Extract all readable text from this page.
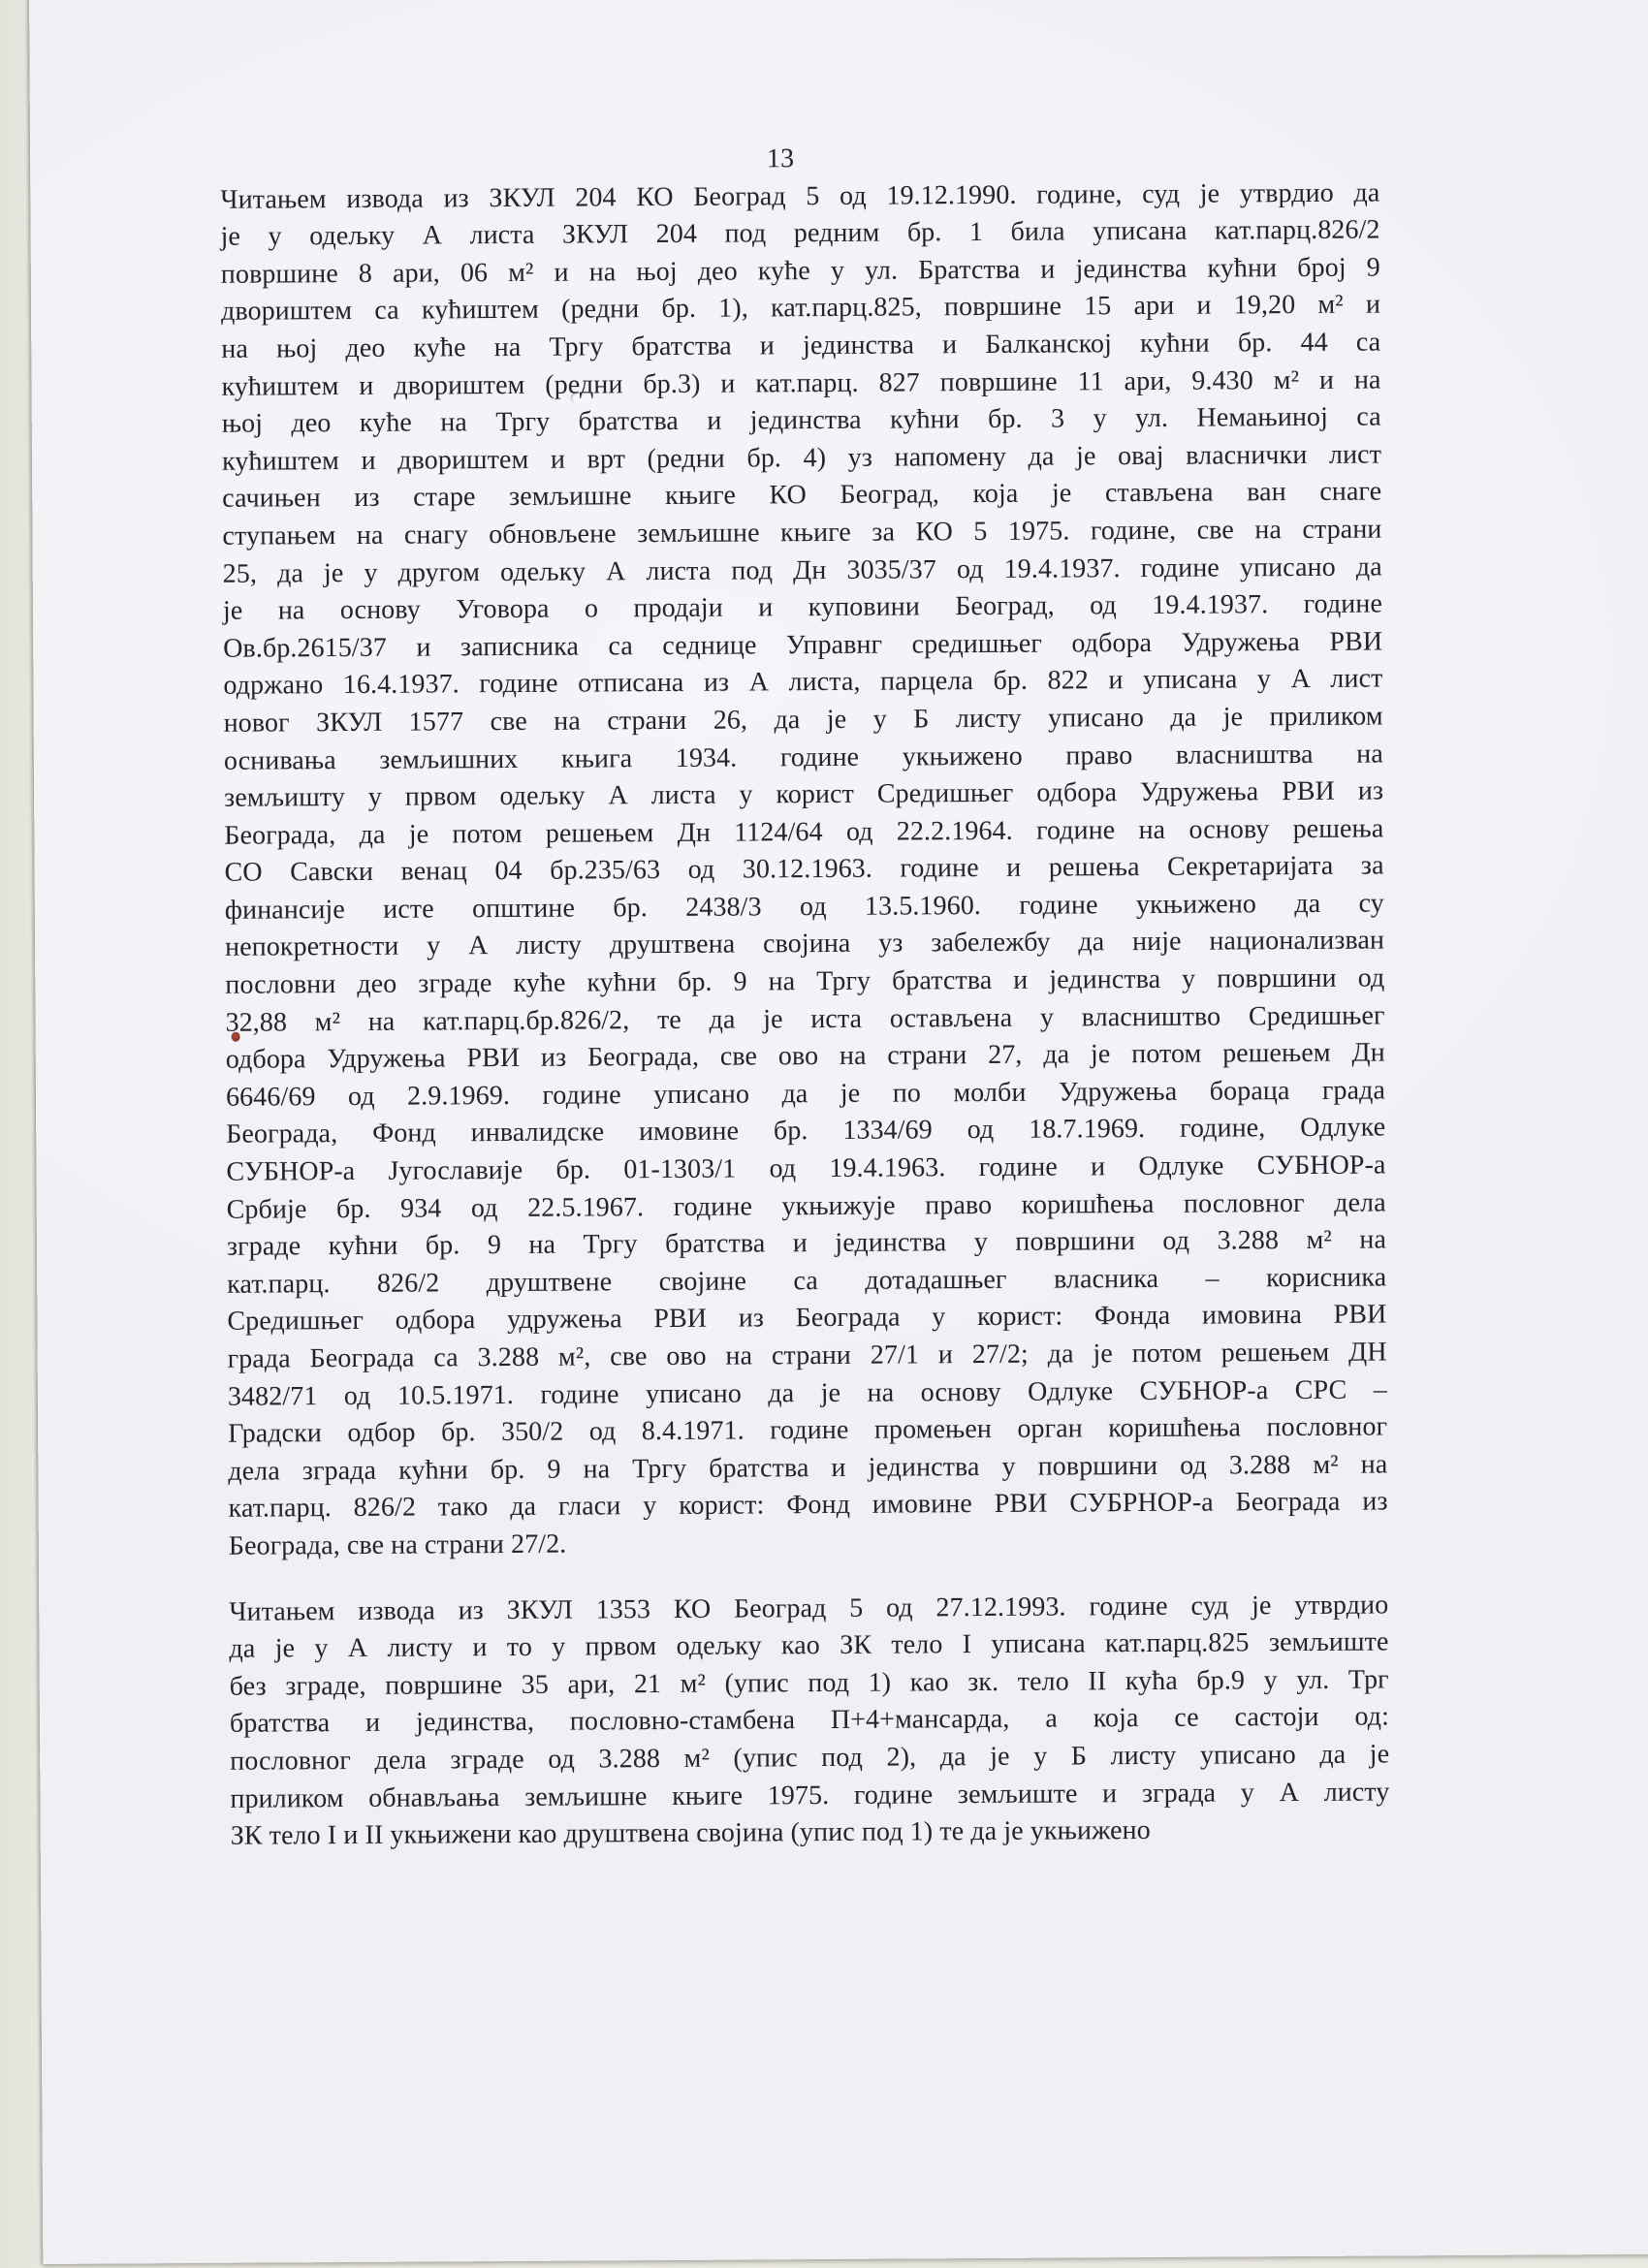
13
Читањем извода из ЗКУЛ 204 КО Београд 5 од 19.12.1990. године, суд је утврдио да
је у одељку А листа ЗКУЛ 204 под редним бр. 1 била уписана кат.парц.826/2
површине 8 ари, 06 м² и на њој део куће у ул. Братства и јединства кућни број 9
двориштем са кућиштем (редни бр. 1), кат.парц.825, површине 15 ари и 19,20 м² и
на њој део куће на Тргу братства и јединства и Балканској кућни бр. 44 са
кућиштем и двориштем (редни бр.3) и кат.парц. 827 површине 11 ари, 9.430 м² и на
њој део куће на Тргу братства и јединства кућни бр. 3 у ул. Немањиној са
кућиштем и двориштем и врт (редни бр. 4) уз напомену да је овај власнички лист
сачињен из старе земљишне књиге КО Београд, која је стављена ван снаге
ступањем на снагу обновљене земљишне књиге за КО 5 1975. године, све на страни
25, да је у другом одељку А листа под Дн 3035/37 од 19.4.1937. године уписано да
је на основу Уговора о продаји и куповини Београд, од 19.4.1937. године
Ов.бр.2615/37 и записника са седнице Управнг средишњег одбора Удружења РВИ
одржано 16.4.1937. године отписана из А листа, парцела бр. 822 и уписана у А лист
новог ЗКУЛ 1577 све на страни 26, да је у Б листу уписано да је приликом
оснивања земљишних књига 1934. године укњижено право власништва на
земљишту у првом одељку А листа у корист Средишњег одбора Удружења РВИ из
Београда, да је потом решењем Дн 1124/64 од 22.2.1964. године на основу решења
СО Савски венац 04 бр.235/63 од 30.12.1963. године и решења Секретаријата за
финансије исте општине бр. 2438/3 од 13.5.1960. године укњижено да су
непокретности у А листу друштвена својина уз забележбу да није национализван
пословни део зграде куће кућни бр. 9 на Тргу братства и јединства у површини од
32,88 м² на кат.парц.бр.826/2, те да је иста остављена у власништво Средишњег
одбора Удружења РВИ из Београда, све ово на страни 27, да је потом решењем Дн
6646/69 од 2.9.1969. године уписано да је по молби Удружења бораца града
Београда, Фонд инвалидске имовине бр. 1334/69 од 18.7.1969. године, Одлуке
СУБНОР-а Југославије бр. 01-1303/1 од 19.4.1963. године и Одлуке СУБНОР-а
Србије бр. 934 од 22.5.1967. године укњижује право коришћења пословног дела
зграде кућни бр. 9 на Тргу братства и јединства у површини од 3.288 м² на
кат.парц. 826/2 друштвене својине са дотадашњег власника – корисника
Средишњег одбора удружења РВИ из Београда у корист: Фонда имовина РВИ
града Београда са 3.288 м², све ово на страни 27/1 и 27/2; да је потом решењем ДН
3482/71 од 10.5.1971. године уписано да је на основу Одлуке СУБНОР-а СРС –
Градски одбор бр. 350/2 од 8.4.1971. године промењен орган коришћења пословног
дела зграда кућни бр. 9 на Тргу братства и јединства у површини од 3.288 м² на
кат.парц. 826/2 тако да гласи у корист: Фонд имовине РВИ СУБРНОР-а Београда из
Београда, све на страни 27/2.
Читањем извода из ЗКУЛ 1353 КО Београд 5 од 27.12.1993. године суд је утврдио
да је у А листу и то у првом одељку као ЗК тело I уписана кат.парц.825 земљиште
без зграде, површине 35 ари, 21 м² (упис под 1) као зк. тело II кућа бр.9 у ул. Трг
братства и јединства, пословно-стамбена П+4+мансарда, а која се састоји од:
пословног дела зграде од 3.288 м² (упис под 2), да је у Б листу уписано да је
приликом обнављања земљишне књиге 1975. године земљиште и зграда у А листу
ЗК тело I и II укњижени као друштвена својина (упис под 1) те да је укњижено
